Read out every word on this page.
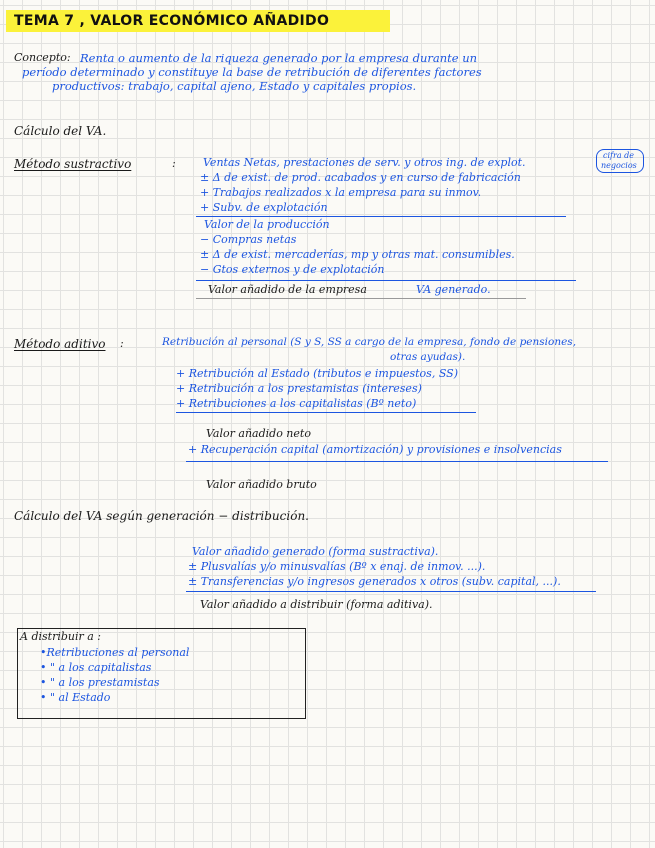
TEMA 7 , VALOR ECONÓMICO AÑADIDO
Concepto: Renta o aumento de la riqueza generado por la empresa durante un
período determinado y constituye la base de retribución de diferentes factores
productivos: trabajo, capital ajeno, Estado y capitales propios.
Cálculo del VA.
Método sustractivo	: Ventas Netas, prestaciones de serv. y otros ing. de explot.
cifra de
negocios
± Δ de exist. de prod. acabados y en curso de fabricación
+ Trabajos realizados x la empresa para su inmov.
+ Subv. de explotación
Valor de la producción
− Compras netas
± Δ de exist. mercaderías, mp y otras mat. consumibles.
− Gtos externos y de explotación
Valor añadido de la empresa	VA generado.
Método aditivo :	Retribución al personal (S y S, SS a cargo de la empresa, fondo de pensiones,
otras ayudas).
+ Retribución al Estado (tributos e impuestos, SS)
+ Retribución a los prestamistas (intereses)
+ Retribuciones a los capitalistas (Bº neto)
Valor añadido neto
+ Recuperación capital (amortización) y provisiones e insolvencias
Valor añadido bruto
Cálculo del VA según generación − distribución.
Valor añadido generado (forma sustractiva).
± Plusvalías y/o minusvalías (Bº x enaj. de inmov. ...).
± Transferencias y/o ingresos generados x otros (subv. capital, ...).
Valor añadido a distribuir (forma aditiva).
A distribuir a :
•Retribuciones al personal
• " a los capitalistas
• " a los prestamistas
• " al Estado
